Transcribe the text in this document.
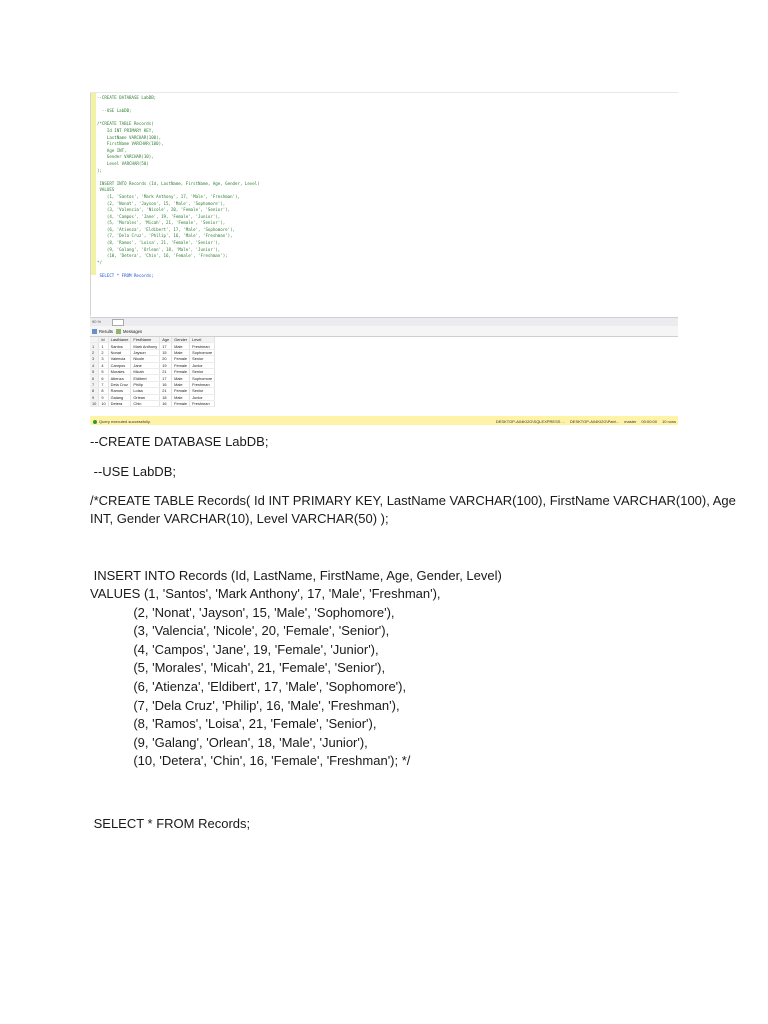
--CREATE DATABASE LabDB;

--USE LabDB;

/*CREATE TABLE Records(
Id INT PRIMARY KEY,
LastName VARCHAR(100),
FirstName VARCHAR(100),
Age INT,
Gender VARCHAR(10),
Level VARCHAR(50)
);

INSERT INTO Records (Id, LastName, FirstName, Age, Gender, Level)
VALUES
(1, 'Santos', 'Mark Anthony', 17, 'Male', 'Freshman'),
(2, 'Nonat', 'Jayson', 15, 'Male', 'Sophomore'),
(3, 'Valencia', 'Nicole', 20, 'Female', 'Senior'),
(4, 'Campos', 'Jane', 19, 'Female', 'Junior'),
(5, 'Morales', 'Micah', 21, 'Female', 'Senior'),
(6, 'Atienza', 'Eldibert', 17, 'Male', 'Sophomore'),
(7, 'Dela Cruz', 'Philip', 16, 'Male', 'Freshman'),
(8, 'Ramos', 'Loisa', 21, 'Female', 'Senior'),
(9, 'Galang', 'Orlean', 18, 'Male', 'Junior'),
(10, 'Detera', 'Chin', 16, 'Female', 'Freshman');
*/

SELECT * FROM Records;

90 %
Results Messages
	Id	LastName	FirstName	Age	Gender	Level
1	1	Santos	Mark Anthony	17	Male	Freshman
2	2	Nonat	Jayson	15	Male	Sophomore
3	3	Valencia	Nicole	20	Female	Senior
4	4	Campos	Jane	19	Female	Junior
5	5	Morales	Micah	21	Female	Senior
6	6	Atienza	Eldibert	17	Male	Sophomore
7	7	Dela Cruz	Philip	16	Male	Freshman
8	8	Ramos	Loisa	21	Female	Senior
9	9	Galang	Orlean	18	Male	Junior
10	10	Detera	Chin	16	Female	Freshman
Query executed successfully.	DESKTOP-A04KI2G\SQLEXPRESS ... DESKTOP-A04KI2G\Patri... master 00:00:00 10 rows

--CREATE DATABASE LabDB;

--USE LabDB;

/*CREATE TABLE Records( Id INT PRIMARY KEY, LastName VARCHAR(100), FirstName VARCHAR(100), Age

INT, Gender VARCHAR(10), Level VARCHAR(50) );

INSERT INTO Records (Id, LastName, FirstName, Age, Gender, Level)

VALUES (1, 'Santos', 'Mark Anthony', 17, 'Male', 'Freshman'),

(2, 'Nonat', 'Jayson', 15, 'Male', 'Sophomore'),

(3, 'Valencia', 'Nicole', 20, 'Female', 'Senior'),

(4, 'Campos', 'Jane', 19, 'Female', 'Junior'),

(5, 'Morales', 'Micah', 21, 'Female', 'Senior'),

(6, 'Atienza', 'Eldibert', 17, 'Male', 'Sophomore'),

(7, 'Dela Cruz', 'Philip', 16, 'Male', 'Freshman'),

(8, 'Ramos', 'Loisa', 21, 'Female', 'Senior'),

(9, 'Galang', 'Orlean', 18, 'Male', 'Junior'),

(10, 'Detera', 'Chin', 16, 'Female', 'Freshman'); */

SELECT * FROM Records;
